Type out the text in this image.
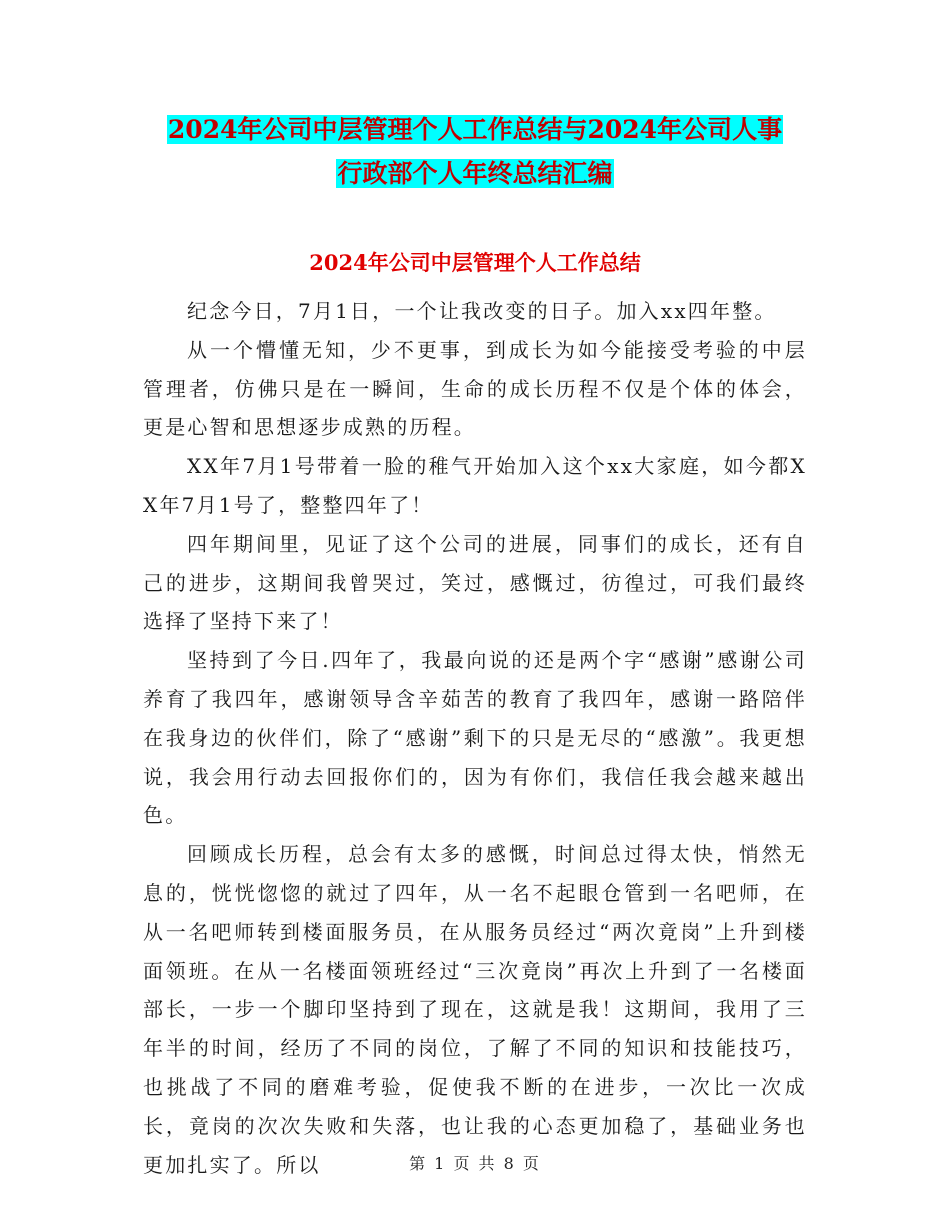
2024年公司中层管理个人工作总结与2024年公司人事
行政部个人年终总结汇编
2024年公司中层管理个人工作总结

纪念今日，7月1日，一个让我改变的日子。加入xx四年整。

从一个懵懂无知，少不更事，到成长为如今能接受考验的中层管理者，仿佛只是在一瞬间，生命的成长历程不仅是个体的体会，更是心智和思想逐步成熟的历程。

XX年7月1号带着一脸的稚气开始加入这个xx大家庭，如今都XX年7月1号了，整整四年了！

四年期间里，见证了这个公司的进展，同事们的成长，还有自己的进步，这期间我曾哭过，笑过，感慨过，彷徨过，可我们最终选择了坚持下来了！

坚持到了今日.四年了，我最向说的还是两个字“感谢”感谢公司养育了我四年，感谢领导含辛茹苦的教育了我四年，感谢一路陪伴在我身边的伙伴们，除了“感谢”剩下的只是无尽的“感激”。我更想说，我会用行动去回报你们的，因为有你们，我信任我会越来越出色。

回顾成长历程，总会有太多的感慨，时间总过得太快，悄然无息的，恍恍惚惚的就过了四年，从一名不起眼仓管到一名吧师，在从一名吧师转到楼面服务员，在从服务员经过“两次竟岗”上升到楼面领班。在从一名楼面领班经过“三次竟岗”再次上升到了一名楼面部长，一步一个脚印坚持到了现在，这就是我！这期间，我用了三年半的时间，经历了不同的岗位，了解了不同的知识和技能技巧，也挑战了不同的磨难考验，促使我不断的在进步，一次比一次成长，竟岗的次次失败和失落，也让我的心态更加稳了，基础业务也更加扎实了。所以	第 1 页 共 8 页
